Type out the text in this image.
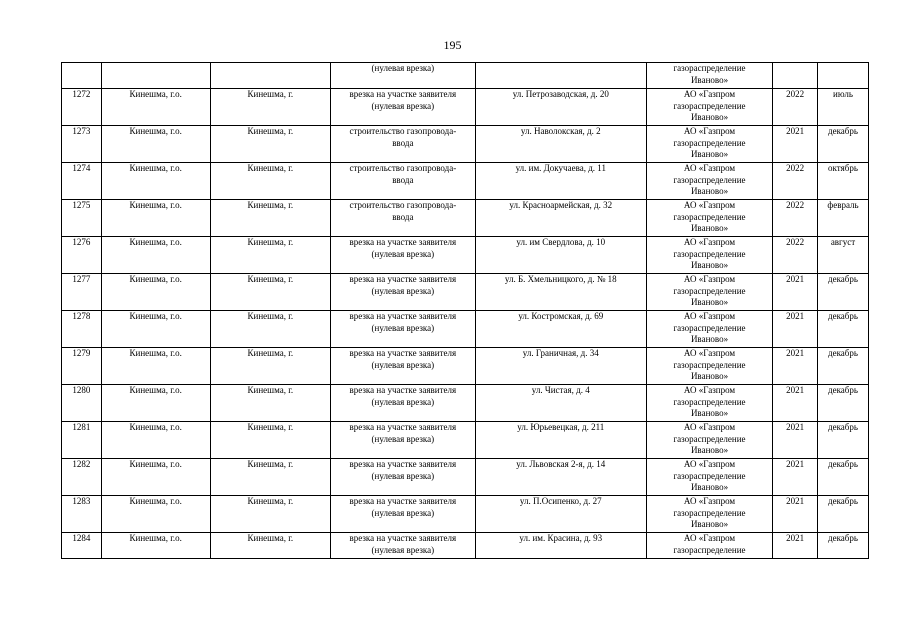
195

			(нулевая врезка)		газораспределение
Иваново»		

1272	Кинешма, г.о.	Кинешма, г.	врезка на участке заявителя
(нулевая врезка)	ул. Петрозаводская, д. 20	АО «Газпром
газораспределение
Иваново»	2022	июль
1273	Кинешма, г.о.	Кинешма, г.	строительство газопровода-
ввода	ул. Наволокская, д. 2	АО «Газпром
газораспределение
Иваново»	2021	декабрь
1274	Кинешма, г.о.	Кинешма, г.	строительство газопровода-
ввода	ул. им. Докучаева, д. 11	АО «Газпром
газораспределение
Иваново»	2022	октябрь
1275	Кинешма, г.о.	Кинешма, г.	строительство газопровода-
ввода	ул. Красноармейская, д. 32	АО «Газпром
газораспределение
Иваново»	2022	февраль
1276	Кинешма, г.о.	Кинешма, г.	врезка на участке заявителя
(нулевая врезка)	ул. им Свердлова, д. 10	АО «Газпром
газораспределение
Иваново»	2022	август
1277	Кинешма, г.о.	Кинешма, г.	врезка на участке заявителя
(нулевая врезка)	ул. Б. Хмельницкого, д. № 18	АО «Газпром
газораспределение
Иваново»	2021	декабрь
1278	Кинешма, г.о.	Кинешма, г.	врезка на участке заявителя
(нулевая врезка)	ул. Костромская, д. 69	АО «Газпром
газораспределение
Иваново»	2021	декабрь
1279	Кинешма, г.о.	Кинешма, г.	врезка на участке заявителя
(нулевая врезка)	ул. Граничная, д. 34	АО «Газпром
газораспределение
Иваново»	2021	декабрь
1280	Кинешма, г.о.	Кинешма, г.	врезка на участке заявителя
(нулевая врезка)	ул. Чистая, д. 4	АО «Газпром
газораспределение
Иваново»	2021	декабрь
1281	Кинешма, г.о.	Кинешма, г.	врезка на участке заявителя
(нулевая врезка)	ул. Юрьевецкая, д. 211	АО «Газпром
газораспределение
Иваново»	2021	декабрь
1282	Кинешма, г.о.	Кинешма, г.	врезка на участке заявителя
(нулевая врезка)	ул. Львовская 2-я, д. 14	АО «Газпром
газораспределение
Иваново»	2021	декабрь
1283	Кинешма, г.о.	Кинешма, г.	врезка на участке заявителя
(нулевая врезка)	ул. П.Осипенко, д. 27	АО «Газпром
газораспределение
Иваново»	2021	декабрь
1284	Кинешма, г.о.	Кинешма, г.	врезка на участке заявителя
(нулевая врезка)	ул. им. Красина, д. 93	АО «Газпром
газораспределение	2021	декабрь
